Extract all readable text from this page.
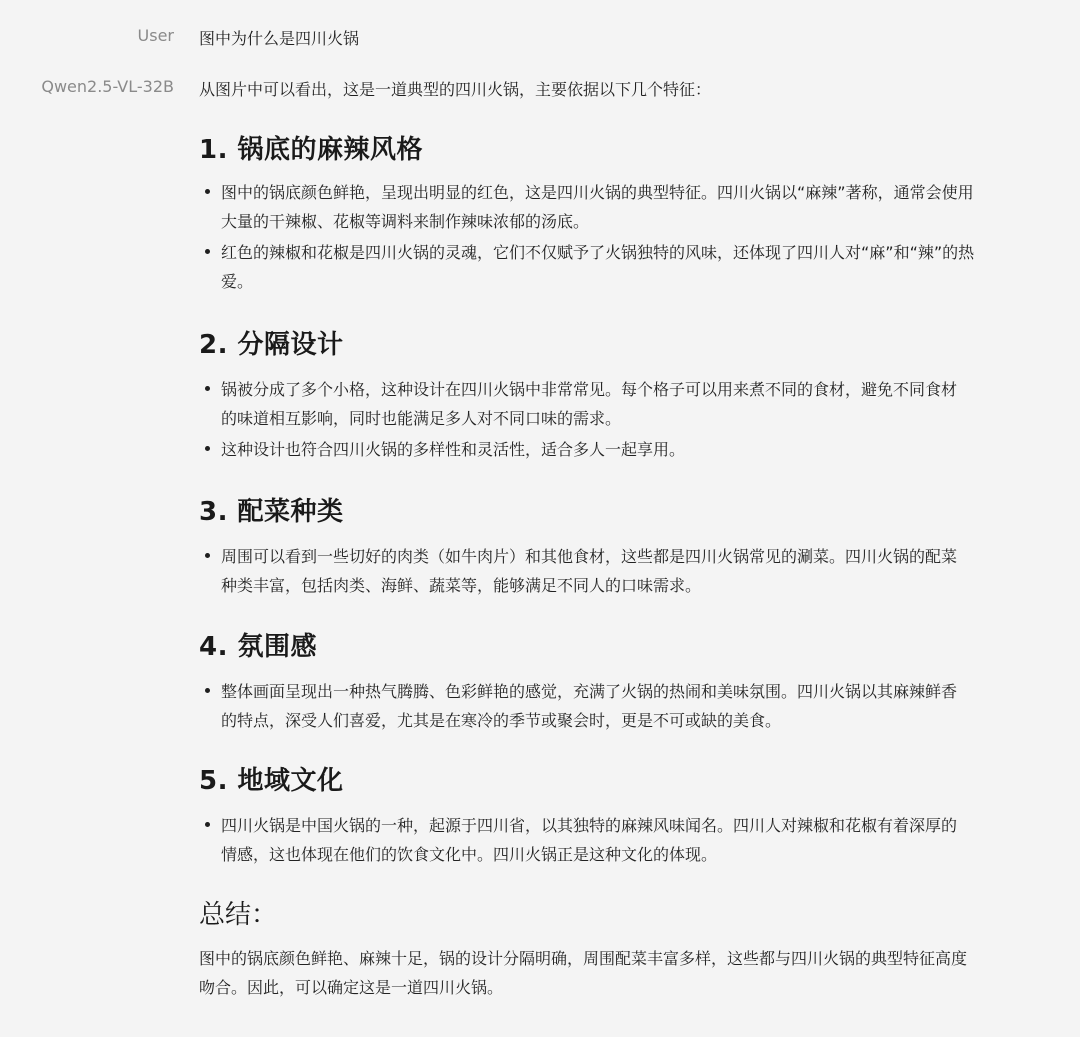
User 图中为什么是四川火锅
Qwen2.5-VL-32B 从图片中可以看出，这是一道典型的四川火锅，主要依据以下几个特征：
1. 锅底的麻辣风格
图中的锅底颜色鲜艳，呈现出明显的红色，这是四川火锅的典型特征。四川火锅以“麻辣”著称，通常会使用
大量的干辣椒、花椒等调料来制作辣味浓郁的汤底。
红色的辣椒和花椒是四川火锅的灵魂，它们不仅赋予了火锅独特的风味，还体现了四川人对“麻”和“辣”的热
爱。
2. 分隔设计
锅被分成了多个小格，这种设计在四川火锅中非常常见。每个格子可以用来煮不同的食材，避免不同食材
的味道相互影响，同时也能满足多人对不同口味的需求。
这种设计也符合四川火锅的多样性和灵活性，适合多人一起享用。
3. 配菜种类
周围可以看到一些切好的肉类（如牛肉片）和其他食材，这些都是四川火锅常见的涮菜。四川火锅的配菜
种类丰富，包括肉类、海鲜、蔬菜等，能够满足不同人的口味需求。
4. 氛围感
整体画面呈现出一种热气腾腾、色彩鲜艳的感觉，充满了火锅的热闹和美味氛围。四川火锅以其麻辣鲜香
的特点，深受人们喜爱，尤其是在寒冷的季节或聚会时，更是不可或缺的美食。
5. 地域文化
四川火锅是中国火锅的一种，起源于四川省，以其独特的麻辣风味闻名。四川人对辣椒和花椒有着深厚的
情感，这也体现在他们的饮食文化中。四川火锅正是这种文化的体现。
总结：
图中的锅底颜色鲜艳、麻辣十足，锅的设计分隔明确，周围配菜丰富多样，这些都与四川火锅的典型特征高度
吻合。因此，可以确定这是一道四川火锅。
